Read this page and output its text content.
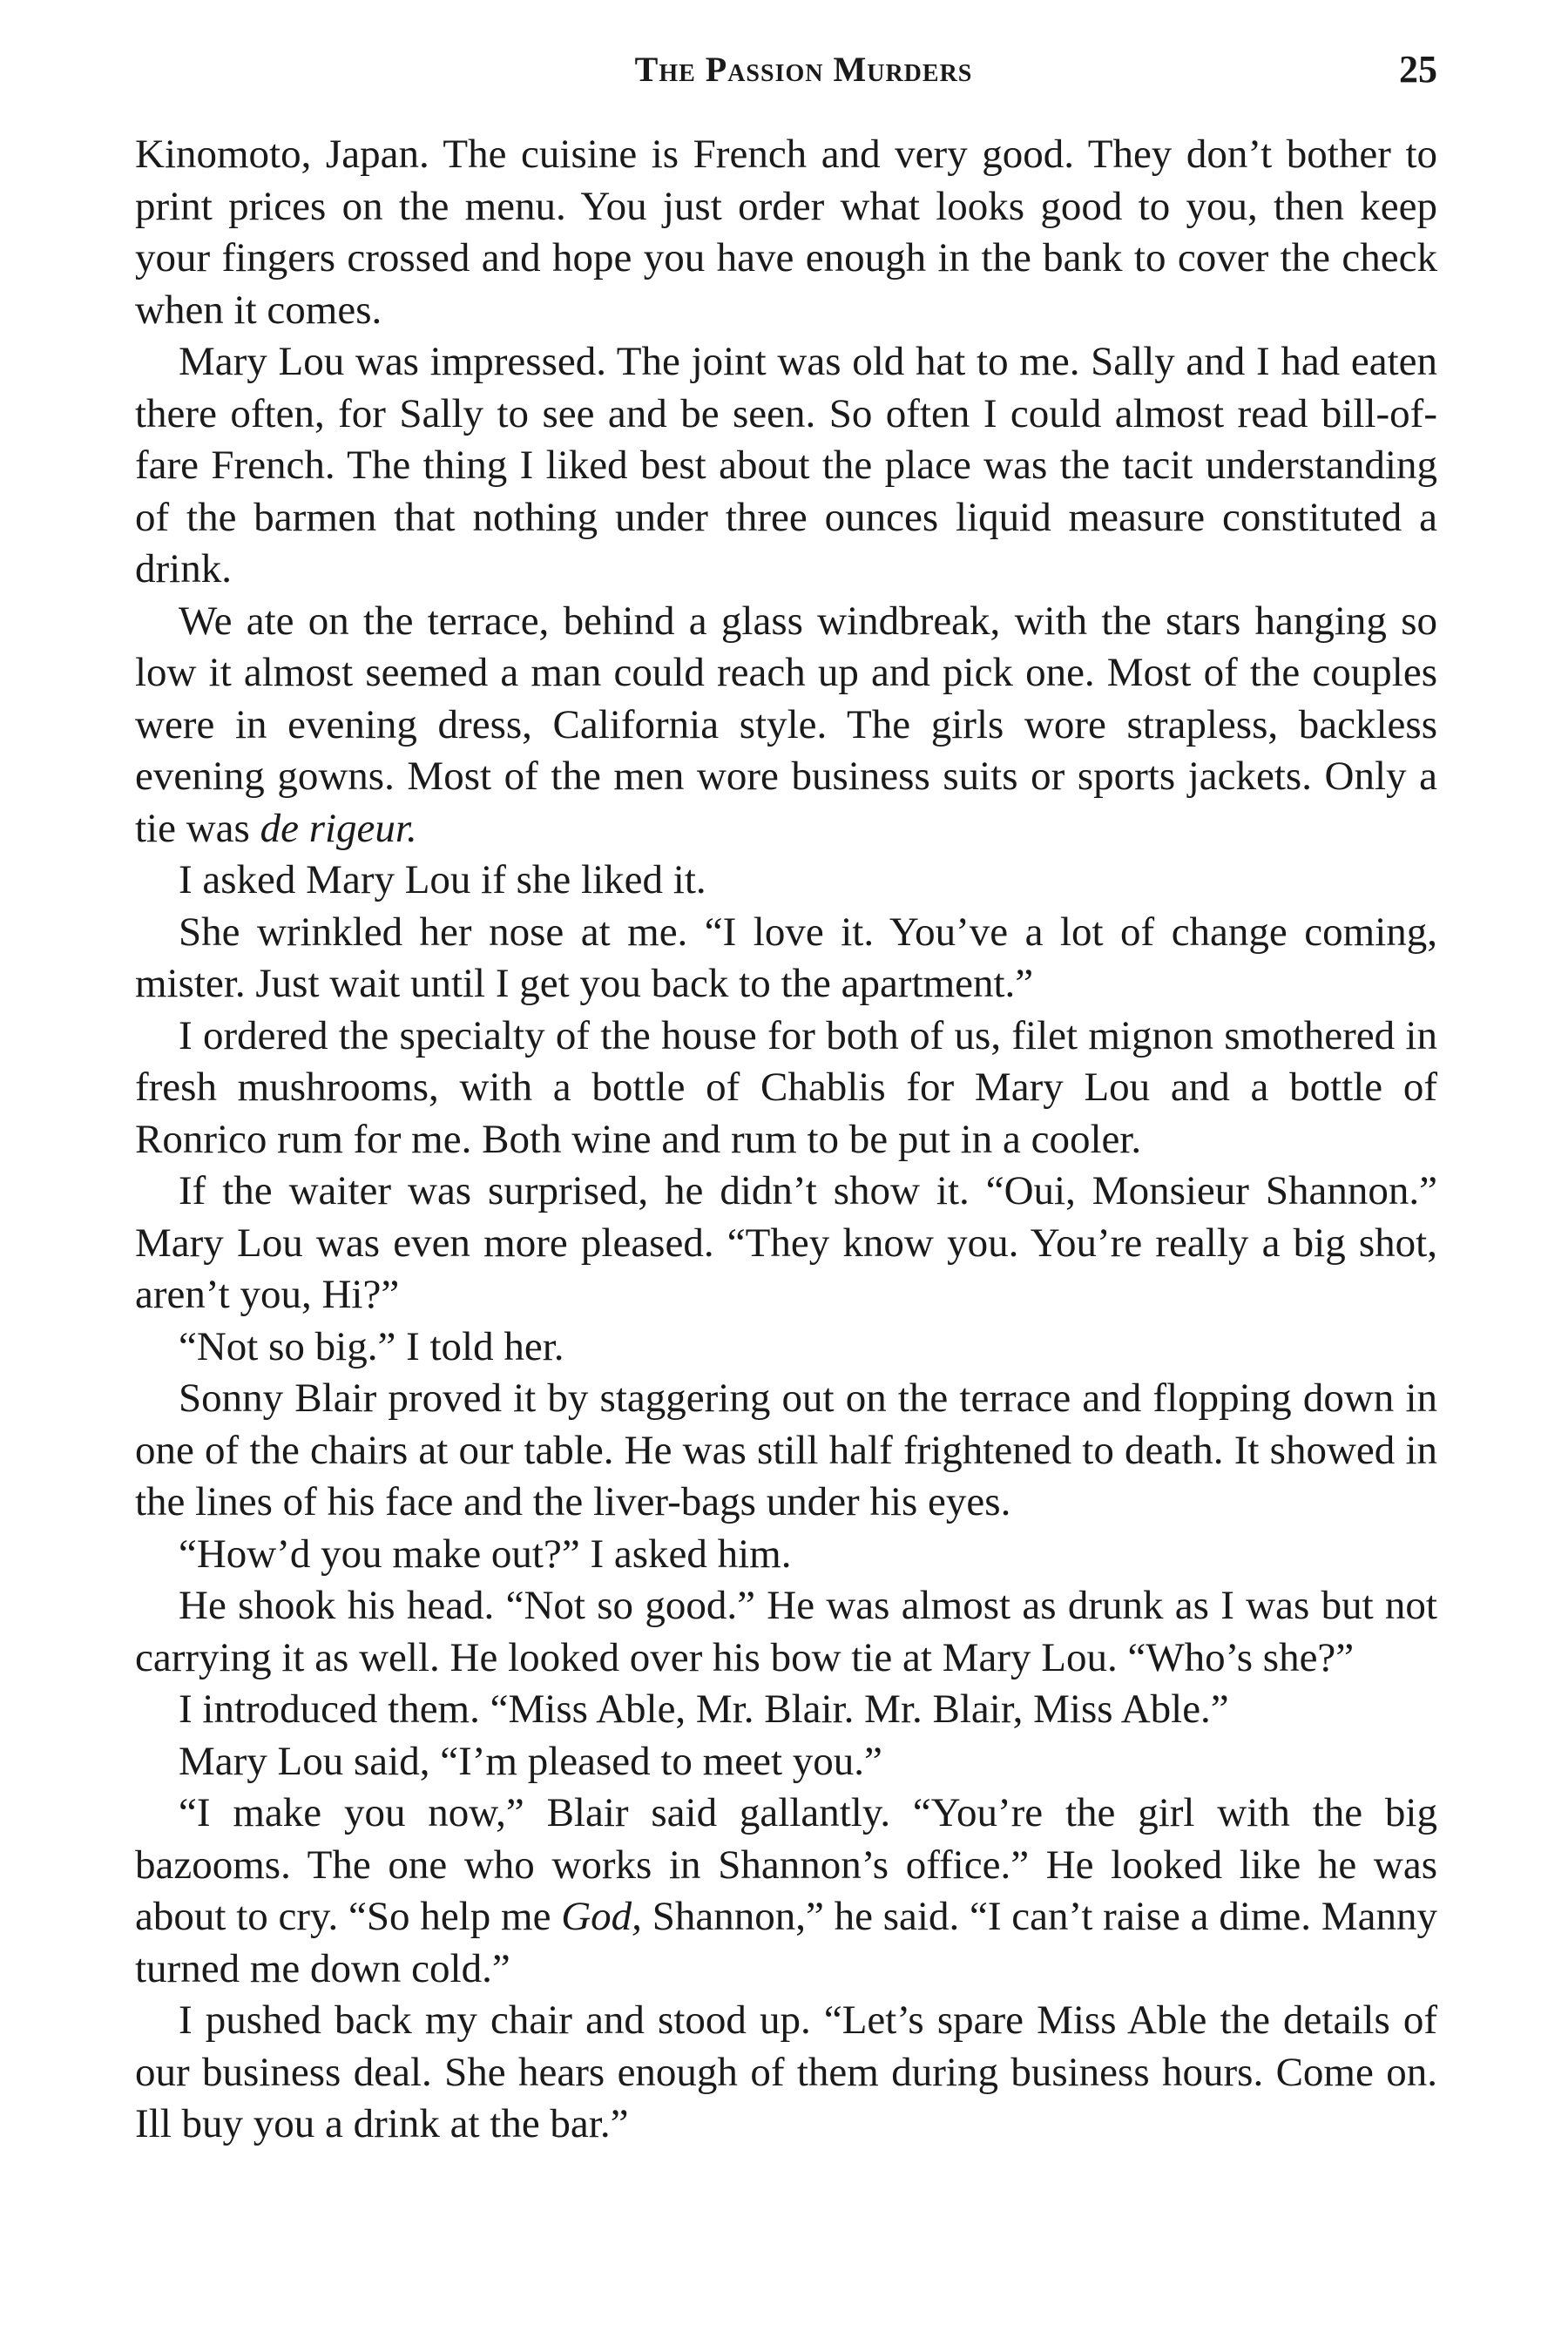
The Passion Murders	25

Kinomoto, Japan. The cuisine is French and very good. They don’t bother to print prices on the menu. You just order what looks good to you, then keep your fingers crossed and hope you have enough in the bank to cover the check when it comes.

Mary Lou was impressed. The joint was old hat to me. Sally and I had eaten there often, for Sally to see and be seen. So often I could almost read bill-of-fare French. The thing I liked best about the place was the tacit understanding of the barmen that nothing under three ounces liquid measure constituted a drink.

We ate on the terrace, behind a glass windbreak, with the stars hanging so low it almost seemed a man could reach up and pick one. Most of the couples were in evening dress, California style. The girls wore strapless, backless evening gowns. Most of the men wore business suits or sports jackets. Only a tie was de rigeur.

I asked Mary Lou if she liked it.

She wrinkled her nose at me. “I love it. You’ve a lot of change coming, mister. Just wait until I get you back to the apartment.”

I ordered the specialty of the house for both of us, filet mignon smothered in fresh mushrooms, with a bottle of Chablis for Mary Lou and a bottle of Ronrico rum for me. Both wine and rum to be put in a cooler.

If the waiter was surprised, he didn’t show it. “Oui, Monsieur Shannon.” Mary Lou was even more pleased. “They know you. You’re really a big shot, aren’t you, Hi?”

“Not so big.” I told her.

Sonny Blair proved it by staggering out on the terrace and flopping down in one of the chairs at our table. He was still half frightened to death. It showed in the lines of his face and the liver-bags under his eyes.

“How’d you make out?” I asked him.

He shook his head. “Not so good.” He was almost as drunk as I was but not carrying it as well. He looked over his bow tie at Mary Lou. “Who’s she?”

I introduced them. “Miss Able, Mr. Blair. Mr. Blair, Miss Able.”

Mary Lou said, “I’m pleased to meet you.”

“I make you now,” Blair said gallantly. “You’re the girl with the big bazooms. The one who works in Shannon’s office.” He looked like he was about to cry. “So help me God, Shannon,” he said. “I can’t raise a dime. Manny turned me down cold.”

I pushed back my chair and stood up. “Let’s spare Miss Able the details of our business deal. She hears enough of them during business hours. Come on. Ill buy you a drink at the bar.”
